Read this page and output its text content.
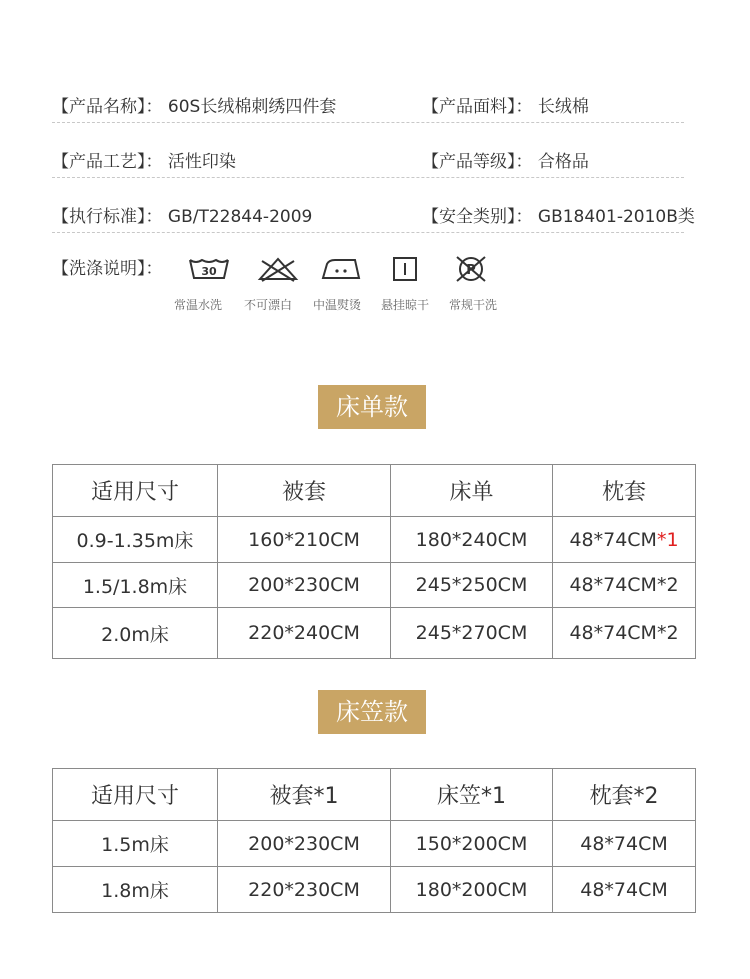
【产品名称】： 60S长绒棉刺绣四件套	【产品面料】： 长绒棉
【产品工艺】： 活性印染	【产品等级】： 合格品
【执行标准】： GB/T22844-2009	【安全类别】： GB18401-2010B类
【洗涤说明】：	30	P
常温水洗 不可漂白 中温熨烫 悬挂晾干 常规干洗
床单款
适用尺寸	被套	床单	枕套
0.9-1.35m床	160*210CM	180*240CM	48*74CM*1
1.5/1.8m床	200*230CM	245*250CM	48*74CM*2
2.0m床	220*240CM	245*270CM	48*74CM*2
床笠款
适用尺寸	被套*1	床笠*1	枕套*2
1.5m床	200*230CM	150*200CM	48*74CM
1.8m床	220*230CM	180*200CM	48*74CM
